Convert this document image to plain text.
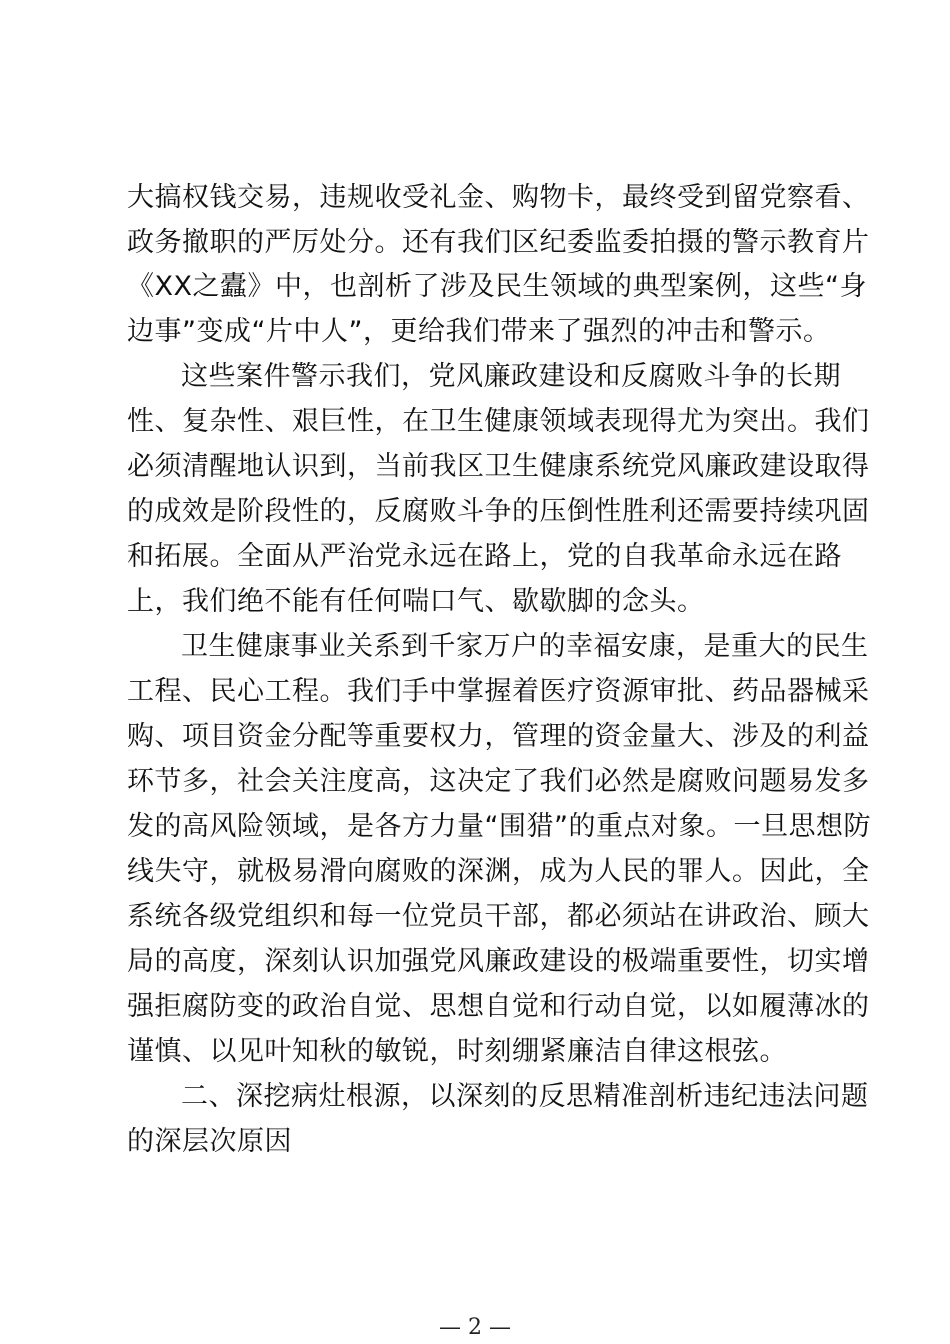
大搞权钱交易，违规收受礼金、购物卡，最终受到留党察看、
政务撤职的严厉处分。还有我们区纪委监委拍摄的警示教育片
《XX之蠹》中，也剖析了涉及民生领域的典型案例，这些“身
边事”变成“片中人”，更给我们带来了强烈的冲击和警示。
这些案件警示我们，党风廉政建设和反腐败斗争的长期
性、复杂性、艰巨性，在卫生健康领域表现得尤为突出。我们
必须清醒地认识到，当前我区卫生健康系统党风廉政建设取得
的成效是阶段性的，反腐败斗争的压倒性胜利还需要持续巩固
和拓展。全面从严治党永远在路上，党的自我革命永远在路
上，我们绝不能有任何喘口气、歇歇脚的念头。
卫生健康事业关系到千家万户的幸福安康，是重大的民生
工程、民心工程。我们手中掌握着医疗资源审批、药品器械采
购、项目资金分配等重要权力，管理的资金量大、涉及的利益
环节多，社会关注度高，这决定了我们必然是腐败问题易发多
发的高风险领域，是各方力量“围猎”的重点对象。一旦思想防
线失守，就极易滑向腐败的深渊，成为人民的罪人。因此，全
系统各级党组织和每一位党员干部，都必须站在讲政治、顾大
局的高度，深刻认识加强党风廉政建设的极端重要性，切实增
强拒腐防变的政治自觉、思想自觉和行动自觉，以如履薄冰的
谨慎、以见叶知秋的敏锐，时刻绷紧廉洁自律这根弦。
二、深挖病灶根源，以深刻的反思精准剖析违纪违法问题
的深层次原因
— 2 —
